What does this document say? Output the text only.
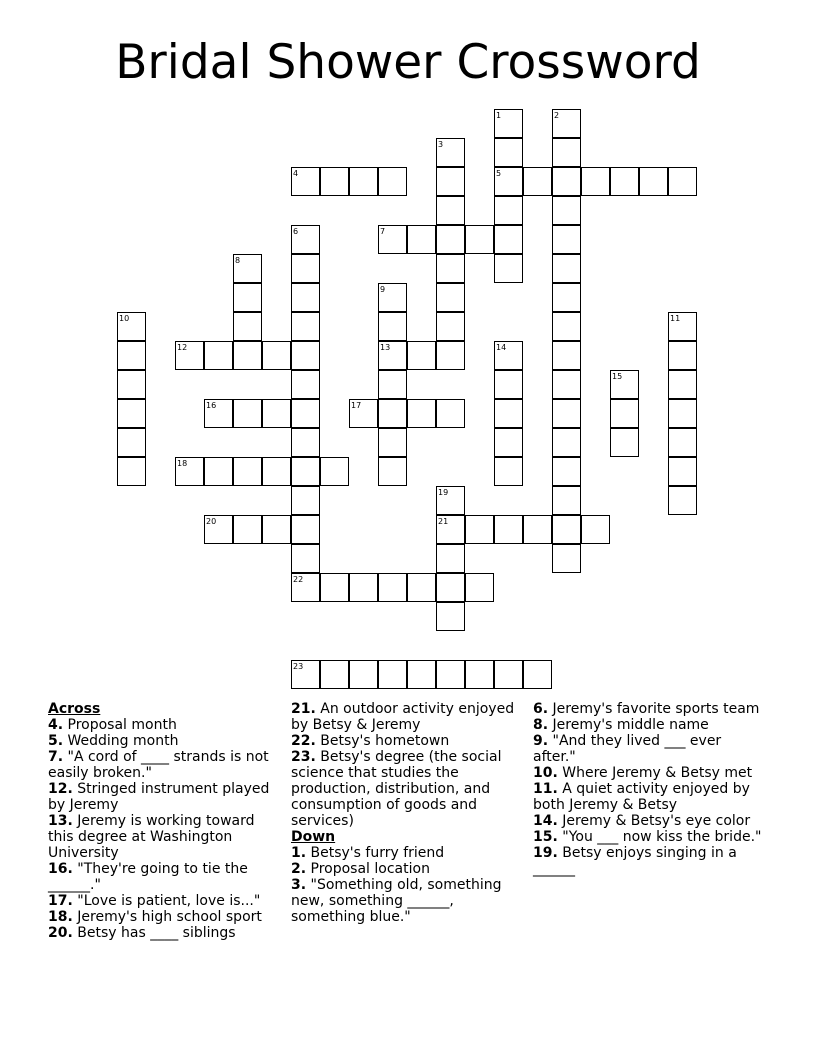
Bridal Shower Crossword
1	2
3
4	5
6	7
8
9
10	11
12	13	14
15
16	17
18
19
20	21
22
23

Across

4. Proposal month

5. Wedding month

7. "A cord of ____ strands is not easily broken."

12. Stringed instrument played by Jeremy

13. Jeremy is working toward this degree at Washington University

16. "They're going to tie the ______."

17. "Love is patient, love is..."

18. Jeremy's high school sport

20. Betsy has ____ siblings

21. An outdoor activity enjoyed by Betsy & Jeremy

22. Betsy's hometown

23. Betsy's degree (the social science that studies the production, distribution, and consumption of goods and services)

Down

1. Betsy's furry friend

2. Proposal location

3. "Something old, something new, something ______, something blue."

6. Jeremy's favorite sports team

8. Jeremy's middle name

9. "And they lived ___ ever after."

10. Where Jeremy & Betsy met

11. A quiet activity enjoyed by both Jeremy & Betsy

14. Jeremy & Betsy's eye color

15. "You ___ now kiss the bride."

19. Betsy enjoys singing in a ______
